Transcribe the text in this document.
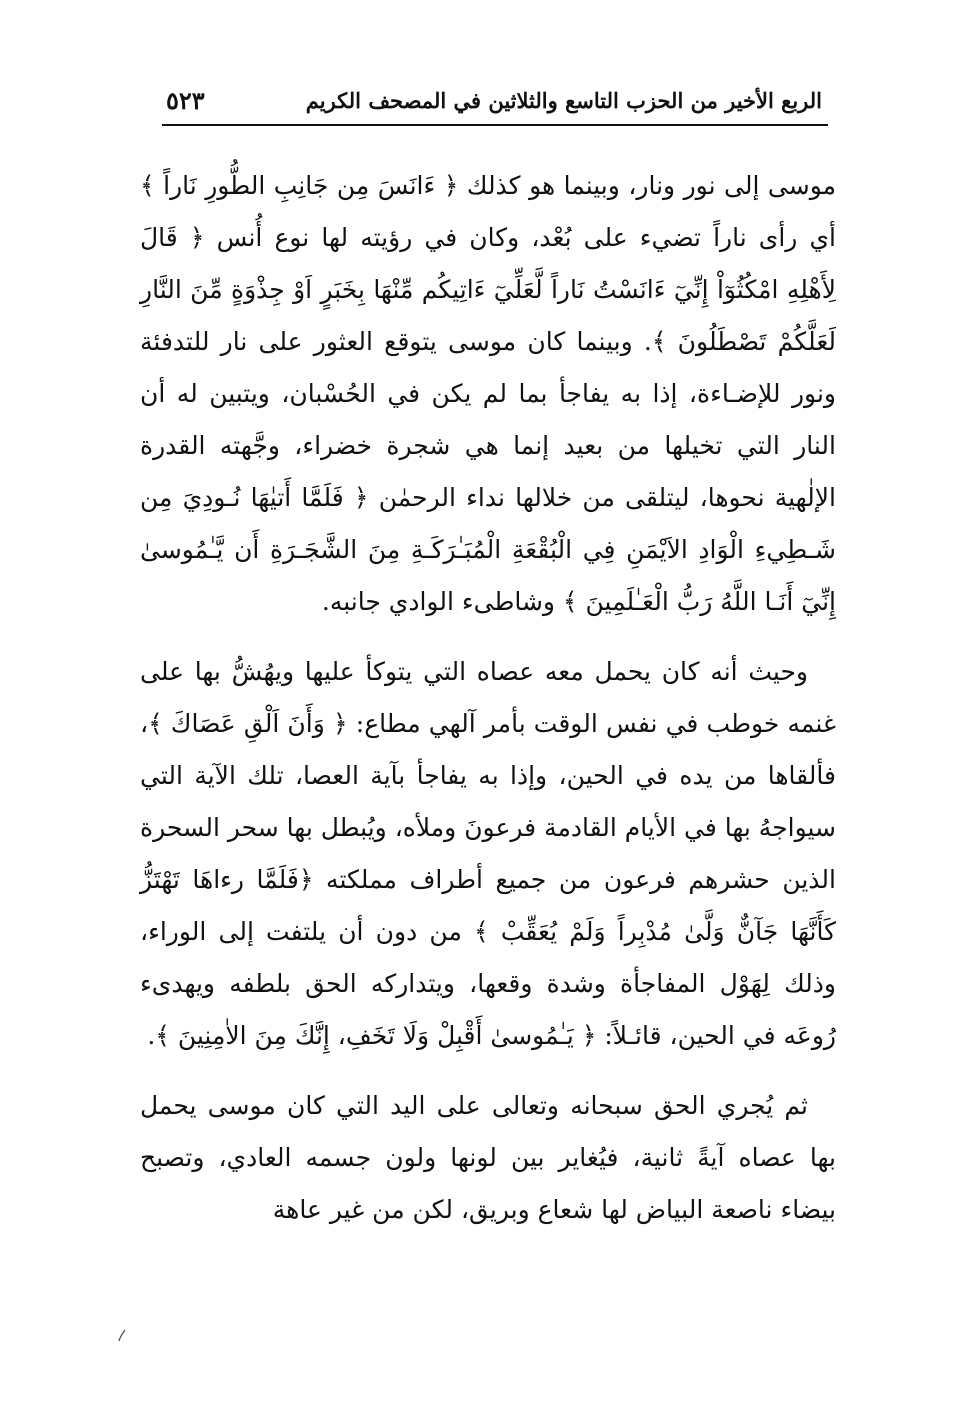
الربع الأخير من الحزب التاسع والثلاثين في المصحف الكريم
٥٢٣

موسى إلى نور ونار، وبينما هو كذلك ﴿ ءَانَسَ مِن جَانِبِ الطُّورِ نَاراً ﴾ أي رأى ناراً تضيء على بُعْد، وكان في رؤيته لها نوع أُنس ﴿ قَالَ لِأَهْلِهِ امْكُثُوٓاْ إِنِّيٓ ءَانَسْتُ نَاراً لَّعَلِّيٓ ءَاتِيكُم مِّنْهَا بِخَبَرٍ اَوْ جِذْوَةٍ مِّنَ النَّارِ لَعَلَّكُمْ تَصْطَلُونَ ﴾. وبينما كان موسى يتوقع العثور على نار للتدفئة ونور للإضـاءة، إذا به يفاجأ بما لم يكن في الحُسْبان، ويتبين له أن النار التي تخيلها من بعيد إنما هي شجرة خضراء، وجَّهته القدرة الإلٰهية نحوها، ليتلقى من خلالها نداء الرحمٰن ﴿ فَلَمَّا أَتيٰهَا نُـودِيَ مِن شَـطِيءِ الْوَادِ الاَيْمَنِ فِي الْبُقْعَةِ الْمُبَـٰرَكَـةِ مِنَ الشَّجَـرَةِ أَن يَّـٰمُوسىٰ إِنِّيٓ أَنَـا اللَّهُ رَبُّ الْعَـٰلَمِينَ ﴾ وشاطىء الوادي جانبه.

وحيث أنه كان يحمل معه عصاه التي يتوكأ عليها ويهُشُّ بها على غنمه خوطب في نفس الوقت بأمر آلهي مطاع: ﴿ وَأَنَ اَلْقِ عَصَاكَ ﴾، فألقاها من يده في الحين، وإذا به يفاجأ بآية العصا، تلك الآية التي سيواجهُ بها في الأيام القادمة فرعونَ وملأه، ويُبطل بها سحر السحرة الذين حشرهم فرعون من جميع أطراف مملكته ﴿فَلَمَّا رءاهَا تَهْتَزُّ كَأَنَّهَا جَآنٌّ وَلَّىٰ مُدْبِراً وَلَمْ يُعَقِّبْ ﴾ من دون أن يلتفت إلى الوراء، وذلك لِهَوْل المفاجأة وشدة وقعها، ويتداركه الحق بلطفه ويهدىء رُوعَه في الحين، قائـلاً: ﴿ يَـٰمُوسىٰ أَقْبِلْ وَلَا تَخَفِ، إِنَّكَ مِنَ الاٰمِنِينَ ﴾.

ثم يُجري الحق سبحانه وتعالى على اليد التي كان موسى يحمل بها عصاه آيةً ثانية، فيُغاير بين لونها ولون جسمه العادي، وتصبح بيضاء ناصعة البياض لها شعاع وبريق، لكن من غير عاهة
